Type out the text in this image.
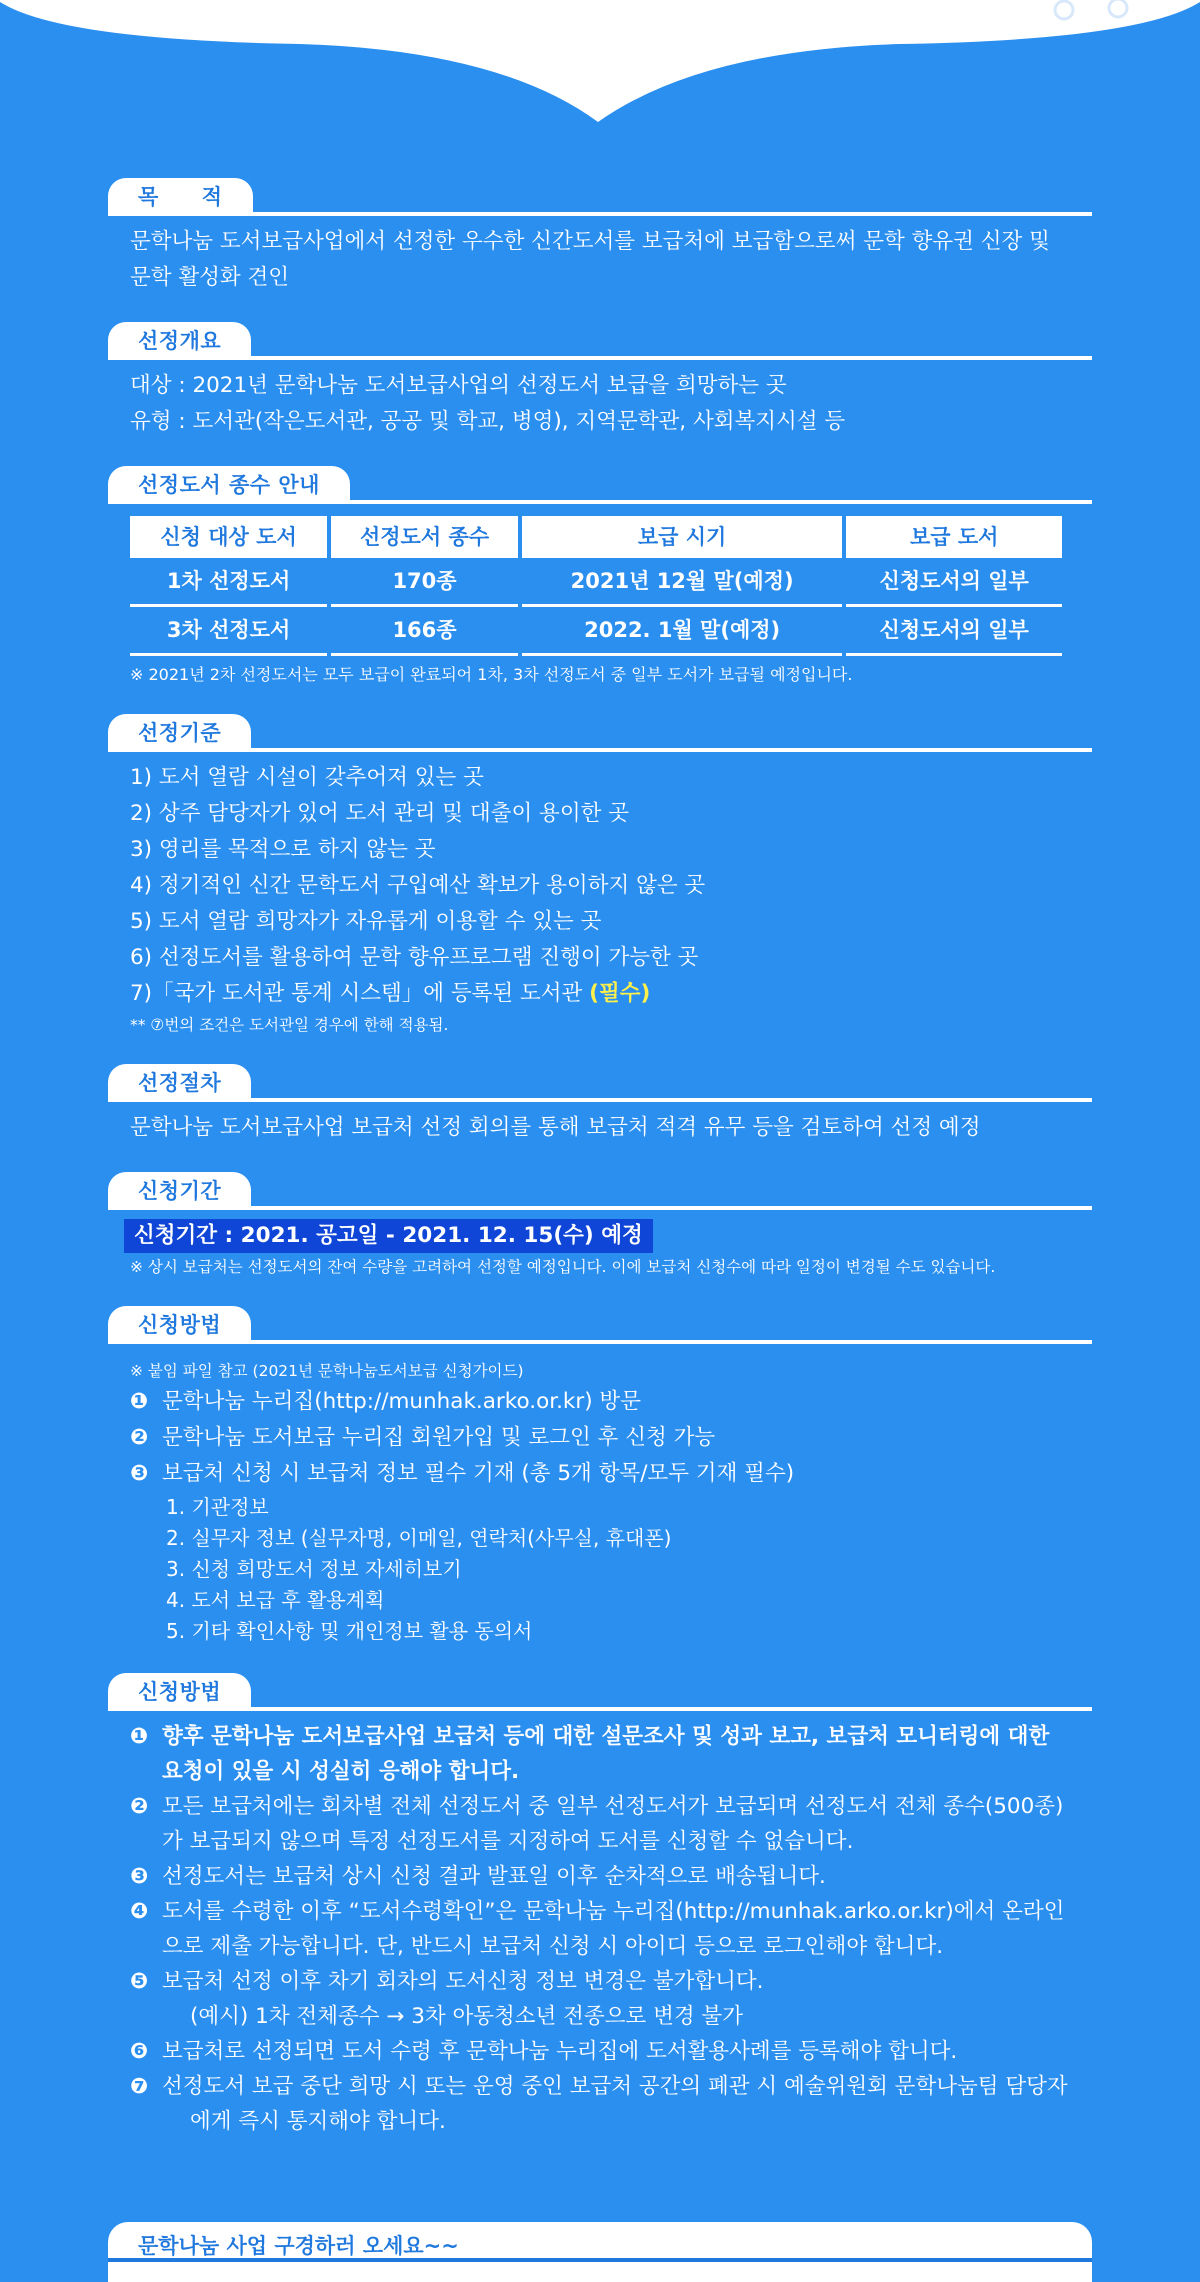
목　　적

문학나눔 도서보급사업에서 선정한 우수한 신간도서를 보급처에 보급함으로써 문학 향유권 신장 및 문학 활성화 견인

선정개요

대상 : 2021년 문학나눔 도서보급사업의 선정도서 보급을 희망하는 곳

유형 : 도서관(작은도서관, 공공 및 학교, 병영), 지역문학관, 사회복지시설 등

선정도서 종수 안내
신청 대상 도서	선정도서 종수	보급 시기	보급 도서
1차 선정도서	170종	2021년 12월 말(예정)	신청도서의 일부
3차 선정도서	166종	2022. 1월 말(예정)	신청도서의 일부
※ 2021년 2차 선정도서는 모두 보급이 완료되어 1차, 3차 선정도서 중 일부 도서가 보급될 예정입니다.
선정기준

1) 도서 열람 시설이 갖추어져 있는 곳

2) 상주 담당자가 있어 도서 관리 및 대출이 용이한 곳

3) 영리를 목적으로 하지 않는 곳

4) 정기적인 신간 문학도서 구입예산 확보가 용이하지 않은 곳

5) 도서 열람 희망자가 자유롭게 이용할 수 있는 곳

6) 선정도서를 활용하여 문학 향유프로그램 진행이 가능한 곳

7)「국가 도서관 통계 시스템」에 등록된 도서관 (필수)

** ⑦번의 조건은 도서관일 경우에 한해 적용됨.
선정절차

문학나눔 도서보급사업 보급처 선정 회의를 통해 보급처 적격 유무 등을 검토하여 선정 예정

신청기간
신청기간 : 2021. 공고일 - 2021. 12. 15(수) 예정
※ 상시 보급처는 선정도서의 잔여 수량을 고려하여 선정할 예정입니다. 이에 보급처 신청수에 따라 일정이 변경될 수도 있습니다.
신청방법
※ 붙임 파일 참고 (2021년 문학나눔도서보급 신청가이드)
❶ 문학나눔 누리집(http://munhak.arko.or.kr) 방문
❷ 문학나눔 도서보급 누리집 회원가입 및 로그인 후 신청 가능
❸ 보급처 신청 시 보급처 정보 필수 기재 (총 5개 항목/모두 기재 필수)
1. 기관정보
2. 실무자 정보 (실무자명, 이메일, 연락처(사무실, 휴대폰)
3. 신청 희망도서 정보 자세히보기
4. 도서 보급 후 활용계획
5. 기타 확인사항 및 개인정보 활용 동의서
신청방법
❶ 향후 문학나눔 도서보급사업 보급처 등에 대한 설문조사 및 성과 보고, 보급처 모니터링에 대한
요청이 있을 시 성실히 응해야 합니다.
❷ 모든 보급처에는 회차별 전체 선정도서 중 일부 선정도서가 보급되며 선정도서 전체 종수(500종)
가 보급되지 않으며 특정 선정도서를 지정하여 도서를 신청할 수 없습니다.
❸ 선정도서는 보급처 상시 신청 결과 발표일 이후 순차적으로 배송됩니다.
❹ 도서를 수령한 이후 “도서수령확인”은 문학나눔 누리집(http://munhak.arko.or.kr)에서 온라인
으로 제출 가능합니다. 단, 반드시 보급처 신청 시 아이디 등으로 로그인해야 합니다.
❺ 보급처 선정 이후 차기 회차의 도서신청 정보 변경은 불가합니다.
(예시) 1차 전체종수 → 3차 아동청소년 전종으로 변경 불가
❻ 보급처로 선정되면 도서 수령 후 문학나눔 누리집에 도서활용사례를 등록해야 합니다.
❼ 선정도서 보급 중단 희망 시 또는 운영 중인 보급처 공간의 폐관 시 예술위원회 문학나눔팀 담당자
에게 즉시 통지해야 합니다.
문학나눔 사업 구경하러 오세요~~
